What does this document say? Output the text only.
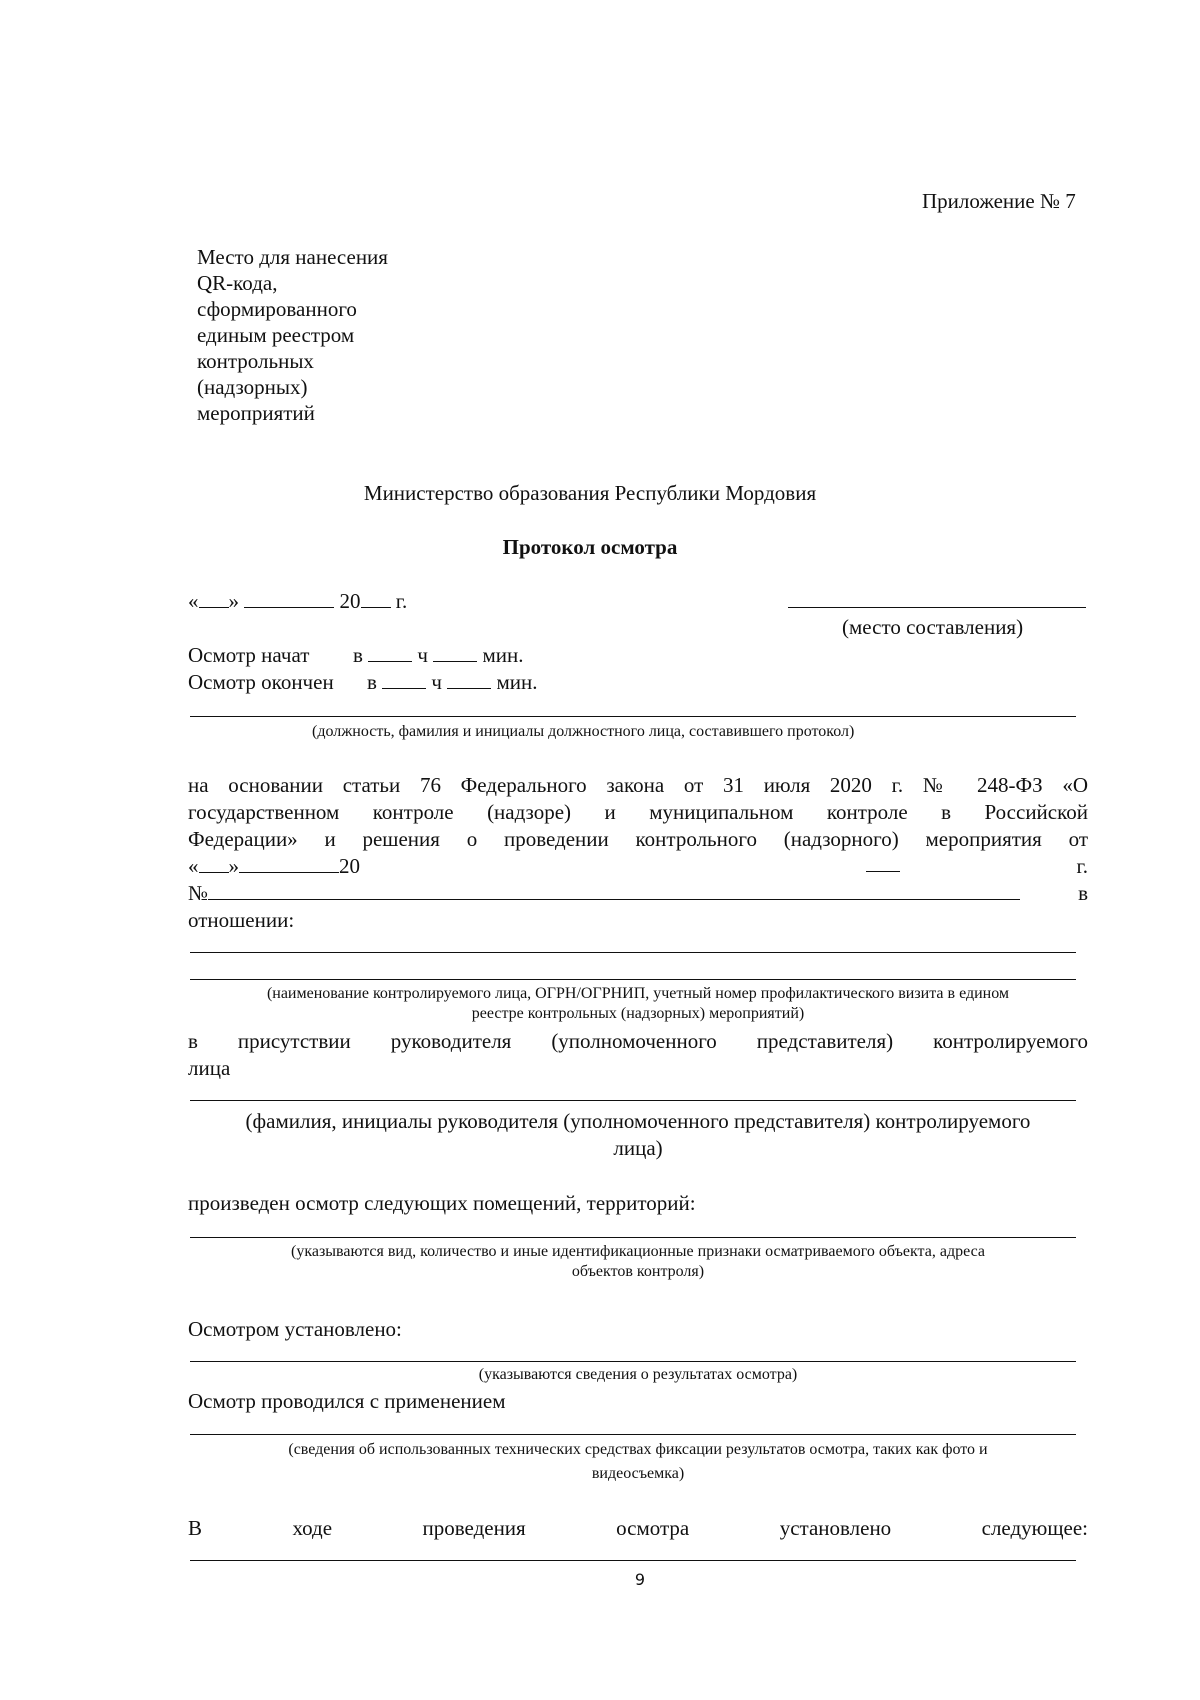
Приложение № 7
Место для нанесения
QR-кода,
сформированного
единым реестром
контрольных
(надзорных)
мероприятий
Министерство образования Республики Мордовия
Протокол осмотра
« »	20 г.
(место составления)
Осмотр начат в	ч	мин.
Осмотр окончен в	ч	мин.
(должность, фамилия и инициалы должностного лица, составившего протокол)
на основании статьи 76 Федерального закона от 31 июля 2020 г. № 248-ФЗ «О
государственном контроле (надзоре) и муниципальном контроле в Российской
Федерации» и решения о проведении контрольного (надзорного) мероприятия от
« »	20	г.
№	в
отношении:
(наименование контролируемого лица, ОГРН/ОГРНИП, учетный номер профилактического визита в едином
реестре контрольных (надзорных) мероприятий)
в присутствии руководителя (уполномоченного представителя) контролируемого
лица
(фамилия, инициалы руководителя (уполномоченного представителя) контролируемого
лица)
произведен осмотр следующих помещений, территорий:
(указываются вид, количество и иные идентификационные признаки осматриваемого объекта, адреса
объектов контроля)
Осмотром установлено:
(указываются сведения о результатах осмотра)
Осмотр проводился с применением
(сведения об использованных технических средствах фиксации результатов осмотра, таких как фото и
видеосъемка)
В ходе проведения осмотра установлено следующее:
9
